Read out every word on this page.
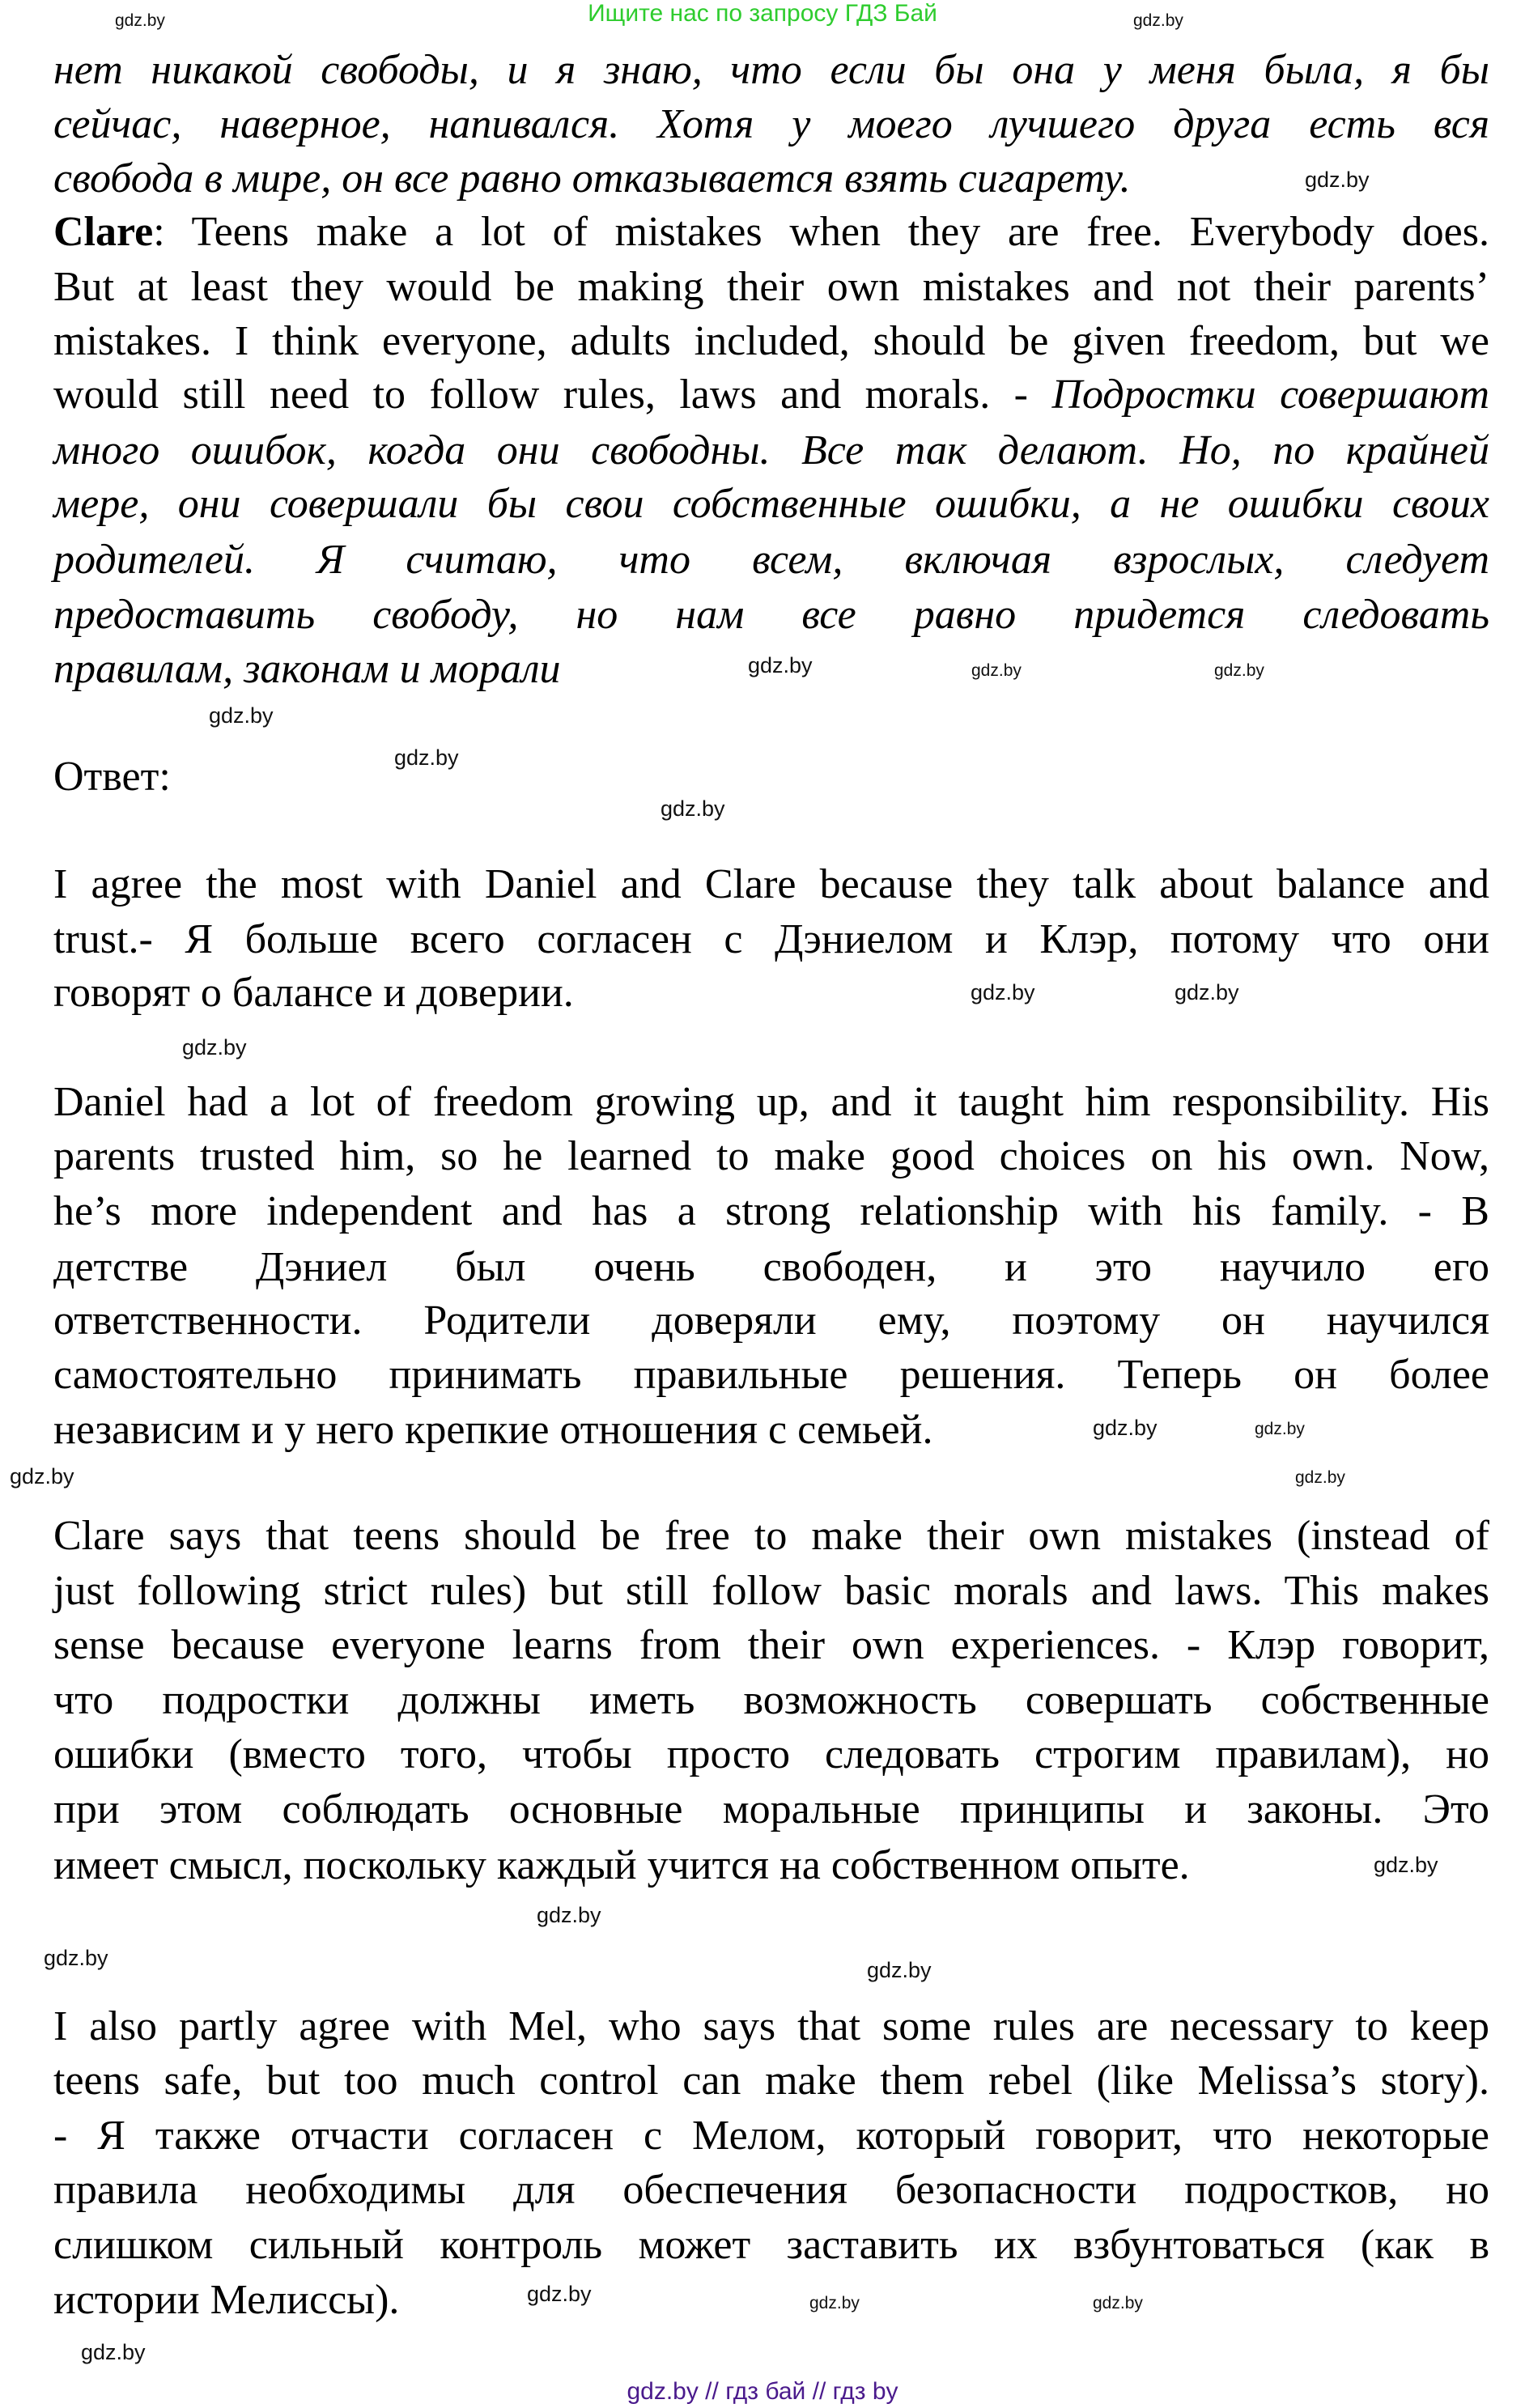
Ищите нас по запросу ГДЗ Бай
нет никакой свободы, и я знаю, что если бы она у меня была, я бы
сейчас, наверное, напивался. Хотя у моего лучшего друга есть вся
свобода в мире, он все равно отказывается взять сигарету.
Clare: Teens make a lot of mistakes when they are free. Everybody does.
But at least they would be making their own mistakes and not their parents’
mistakes. I think everyone, adults included, should be given freedom, but we
would still need to follow rules, laws and morals. - Подростки совершают
много ошибок, когда они свободны. Все так делают. Но, по крайней
мере, они совершали бы свои собственные ошибки, а не ошибки своих
родителей. Я считаю, что всем, включая взрослых, следует
предоставить свободу, но нам все равно придется следовать
правилам, законам и морали
I agree the most with Daniel and Clare because they talk about balance and
trust.- Я больше всего согласен с Дэниелом и Клэр, потому что они
говорят о балансе и доверии.
Daniel had a lot of freedom growing up, and it taught him responsibility. His
parents trusted him, so he learned to make good choices on his own. Now,
he’s more independent and has a strong relationship with his family. - В
детстве Дэниел был очень свободен, и это научило его
ответственности. Родители доверяли ему, поэтому он научился
самостоятельно принимать правильные решения. Теперь он более
независим и у него крепкие отношения с семьей.
Clare says that teens should be free to make their own mistakes (instead of
just following strict rules) but still follow basic morals and laws. This makes
sense because everyone learns from their own experiences. - Клэр говорит,
что подростки должны иметь возможность совершать собственные
ошибки (вместо того, чтобы просто следовать строгим правилам), но
при этом соблюдать основные моральные принципы и законы. Это
имеет смысл, поскольку каждый учится на собственном опыте.
I also partly agree with Mel, who says that some rules are necessary to keep
teens safe, but too much control can make them rebel (like Melissa’s story).
- Я также отчасти согласен с Мелом, который говорит, что некоторые
правила необходимы для обеспечения безопасности подростков, но
слишком сильный контроль может заставить их взбунтоваться (как в
истории Мелиссы).
Ответ:
gdz.by // гдз бай // гдз by
gdz.by	gdz.by
gdz.by
gdz.by	gdz.by
gdz.by
gdz.by
gdz.by
gdz.by
gdz.by	gdz.by
gdz.by
gdz.by
gdz.by
gdz.by	gdz.by
gdz.by
gdz.by
gdz.by	gdz.by
gdz.by	gdz.by
gdz.by
gdz.by
